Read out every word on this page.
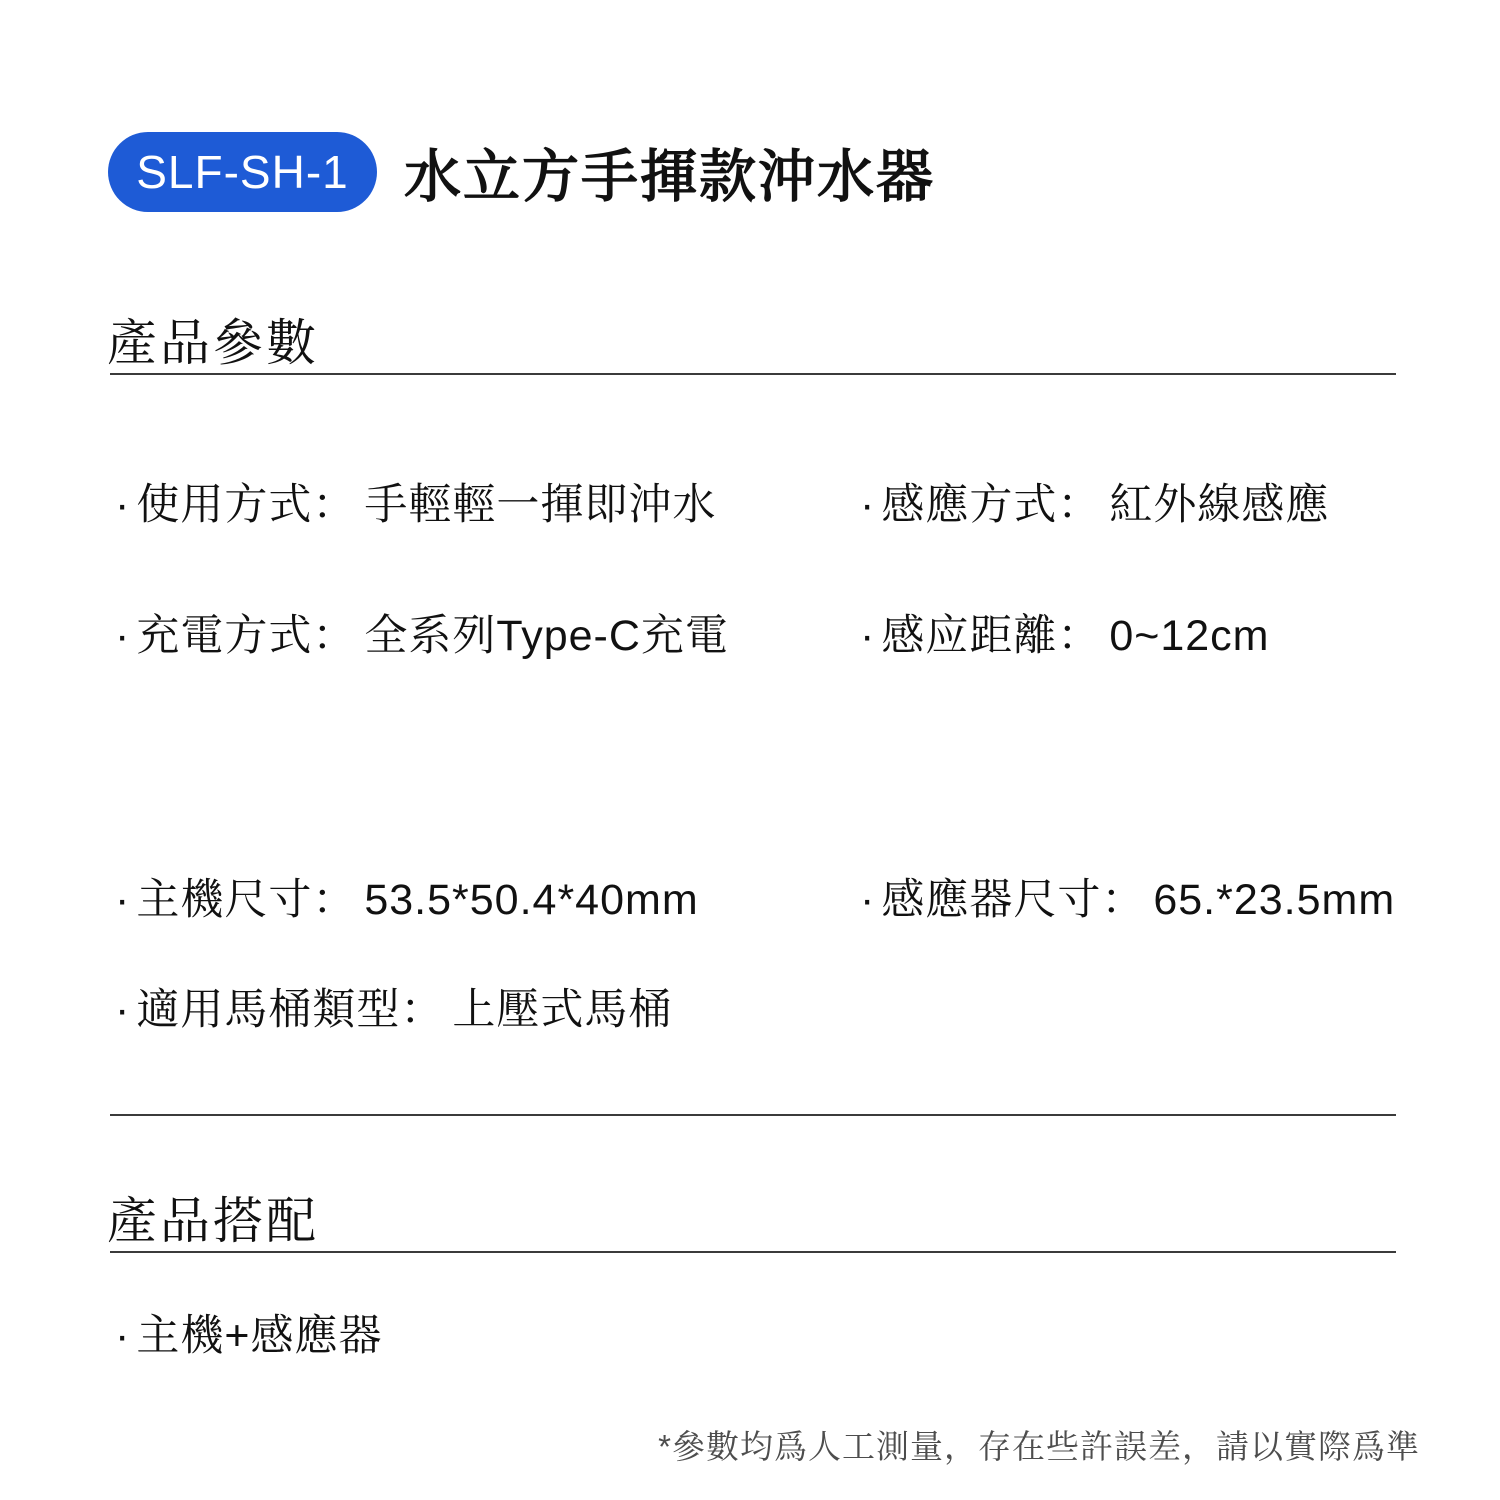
SLF-SH-1 水立方手揮款沖水器
產品參數
· 使用方式： 手輕輕一揮即沖水	· 感應方式： 紅外線感應
· 充電方式： 全系列Type-C充電	· 感应距離： 0~12cm
· 主機尺寸： 53.5*50.4*40mm	· 感應器尺寸： 65.*23.5mm
· 適用馬桶類型： 上壓式馬桶
產品搭配
· 主機+感應器
*參數均爲人工測量，存在些許誤差，請以實際爲準
